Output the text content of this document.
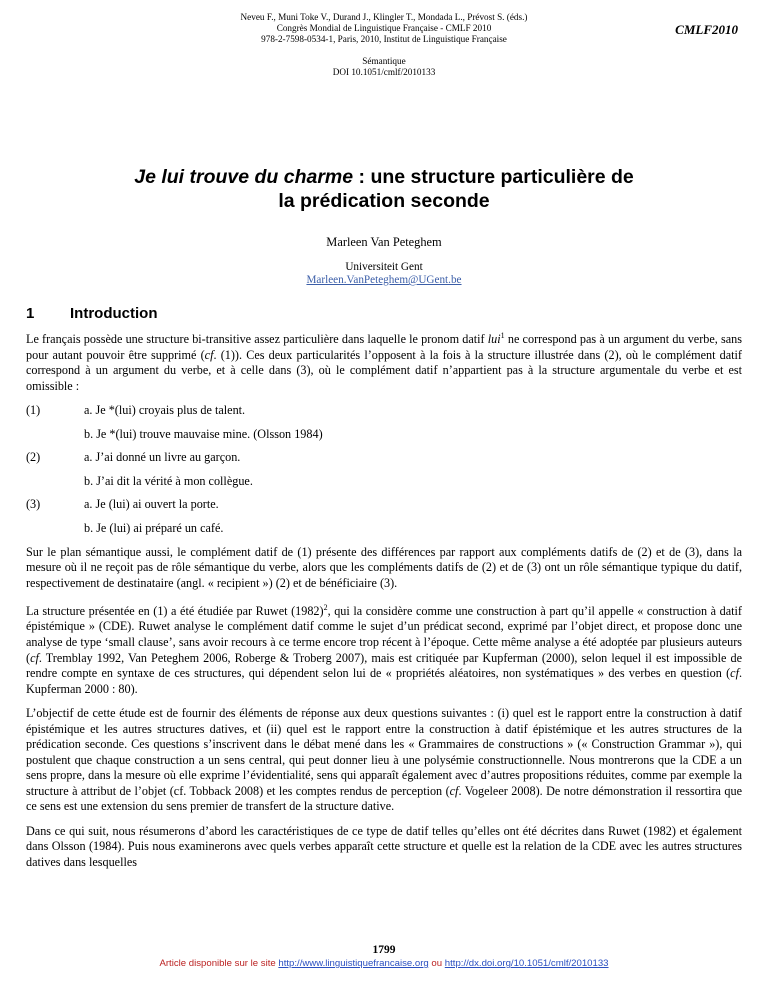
Neveu F., Muni Toke V., Durand J., Klingler T., Mondada L., Prévost S. (éds.)
Congrès Mondial de Linguistique Française - CMLF 2010
978-2-7598-0534-1, Paris, 2010, Institut de Linguistique Française
Sémantique
DOI 10.1051/cmlf/2010133
CMLF2010
Je lui trouve du charme : une structure particulière de
la prédication seconde
Marleen Van Peteghem
Universiteit Gent
Marleen.VanPeteghem@UGent.be
1 Introduction

Le français possède une structure bi-transitive assez particulière dans laquelle le pronom datif lui$^1$ ne correspond pas à un argument du verbe, sans pour autant pouvoir être supprimé (cf. (1)). Ces deux particularités l’opposent à la fois à la structure illustrée dans (2), où le complément datif correspond à un argument du verbe, et à celle dans (3), où le complément datif n’appartient pas à la structure argumentale du verbe et est omissible :

(1)	a. Je *(lui) croyais plus de talent.
b. Je *(lui) trouve mauvaise mine. (Olsson 1984)
(2)	a. J’ai donné un livre au garçon.
b. J’ai dit la vérité à mon collègue.
(3)	a. Je (lui) ai ouvert la porte.
b. Je (lui) ai préparé un café.

Sur le plan sémantique aussi, le complément datif de (1) présente des différences par rapport aux compléments datifs de (2) et de (3), dans la mesure où il ne reçoit pas de rôle sémantique du verbe, alors que les compléments datifs de (2) et de (3) ont un rôle sémantique typique du datif, respectivement de destinataire (angl. « recipient ») (2) et de bénéficiaire (3).

La structure présentée en (1) a été étudiée par Ruwet $(1982)^2$, qui la considère comme une construction à part qu’il appelle « construction à datif épistémique » (CDE). Ruwet analyse le complément datif comme le sujet d’un prédicat second, exprimé par l’objet direct, et propose donc une analyse de type ‘small clause’, sans avoir recours à ce terme encore trop récent à l’époque. Cette même analyse a été adoptée par plusieurs auteurs (cf. Tremblay 1992, Van Peteghem 2006, Roberge & Troberg 2007), mais est critiquée par Kupferman (2000), selon lequel il est impossible de rendre compte en syntaxe de ces structures, qui dépendent selon lui de « propriétés aléatoires, non systématiques » des verbes en question (cf. Kupferman 2000 : 80).

L’objectif de cette étude est de fournir des éléments de réponse aux deux questions suivantes : (i) quel est le rapport entre la construction à datif épistémique et les autres structures datives, et (ii) quel est le rapport entre la construction à datif épistémique et les autres structures de la prédication seconde. Ces questions s’inscrivent dans le débat mené dans les « Grammaires de constructions » (« Construction Grammar »), qui postulent que chaque construction a un sens central, qui peut donner lieu à une polysémie constructionnelle. Nous montrerons que la CDE a un sens propre, dans la mesure où elle exprime l’évidentialité, sens qui apparaît également avec d’autres propositions réduites, comme par exemple la structure à attribut de l’objet (cf. Tobback 2008) et les comptes rendus de perception (cf. Vogeleer 2008). De notre démonstration il ressortira que ce sens est une extension du sens premier de transfert de la structure dative.

Dans ce qui suit, nous résumerons d’abord les caractéristiques de ce type de datif telles qu’elles ont été décrites dans Ruwet (1982) et également dans Olsson (1984). Puis nous examinerons avec quels verbes apparaît cette structure et quelle est la relation de la CDE avec les autres structures datives dans lesquelles

1799
Article disponible sur le site http://www.linguistiquefrancaise.org ou http://dx.doi.org/10.1051/cmlf/2010133
